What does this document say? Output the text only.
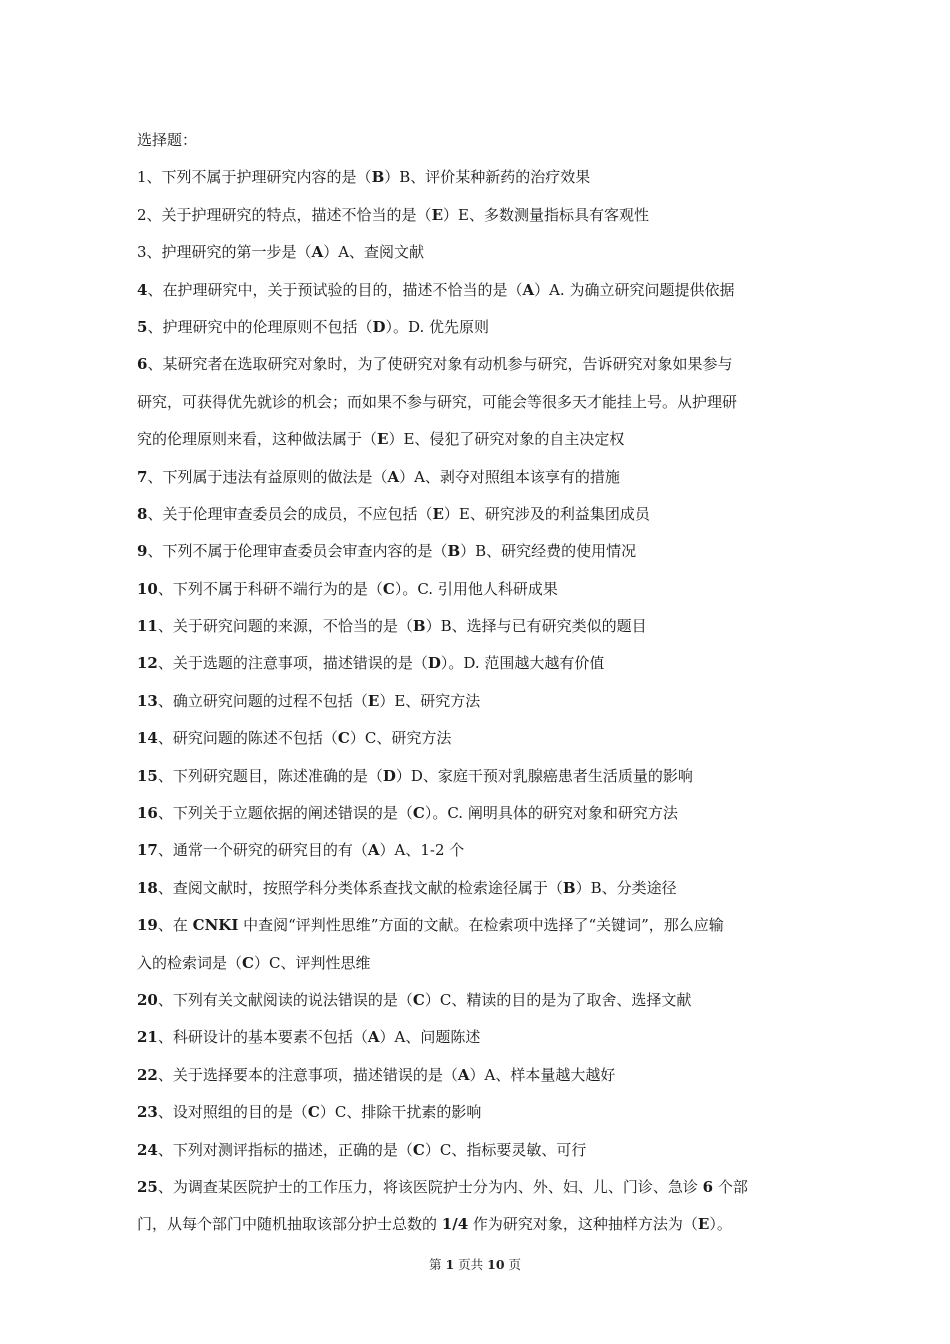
选择题：
1、下列不属于护理研究内容的是（B）B、评价某种新药的治疗效果
2、关于护理研究的特点，描述不恰当的是（E）E、多数测量指标具有客观性
3、护理研究的第一步是（A）A、查阅文献
4、在护理研究中，关于预试验的目的，描述不恰当的是（A）A. 为确立研究问题提供依据
5、护理研究中的伦理原则不包括（D）。D. 优先原则
6、某研究者在选取研究对象时，为了使研究对象有动机参与研究，告诉研究对象如果参与
研究，可获得优先就诊的机会；而如果不参与研究，可能会等很多天才能挂上号。从护理研
究的伦理原则来看，这种做法属于（E）E、侵犯了研究对象的自主决定权
7、下列属于违法有益原则的做法是（A）A、剥夺对照组本该享有的措施
8、关于伦理审查委员会的成员，不应包括（E）E、研究涉及的利益集团成员
9、下列不属于伦理审查委员会审查内容的是（B）B、研究经费的使用情况
10、下列不属于科研不端行为的是（C）。C. 引用他人科研成果
11、关于研究问题的来源，不恰当的是（B）B、选择与已有研究类似的题目
12、关于选题的注意事项，描述错误的是（D）。D. 范围越大越有价值
13、确立研究问题的过程不包括（E）E、研究方法
14、研究问题的陈述不包括（C）C、研究方法
15、下列研究题目，陈述准确的是（D）D、家庭干预对乳腺癌患者生活质量的影响
16、下列关于立题依据的阐述错误的是（C）。C. 阐明具体的研究对象和研究方法
17、通常一个研究的研究目的有（A）A、1-2 个
18、查阅文献时，按照学科分类体系查找文献的检索途径属于（B）B、分类途径
19、在 CNKI 中查阅“评判性思维”方面的文献。在检索项中选择了“关键词”，那么应输
入的检索词是（C）C、评判性思维
20、下列有关文献阅读的说法错误的是（C）C、精读的目的是为了取舍、选择文献
21、科研设计的基本要素不包括（A）A、问题陈述
22、关于选择要本的注意事项，描述错误的是（A）A、样本量越大越好
23、设对照组的目的是（C）C、排除干扰素的影响
24、下列对测评指标的描述，正确的是（C）C、指标要灵敏、可行
25、为调查某医院护士的工作压力，将该医院护士分为内、外、妇、儿、门诊、急诊 6 个部
门，从每个部门中随机抽取该部分护士总数的 1/4 作为研究对象，这种抽样方法为（E）。
第 1 页共 10 页
